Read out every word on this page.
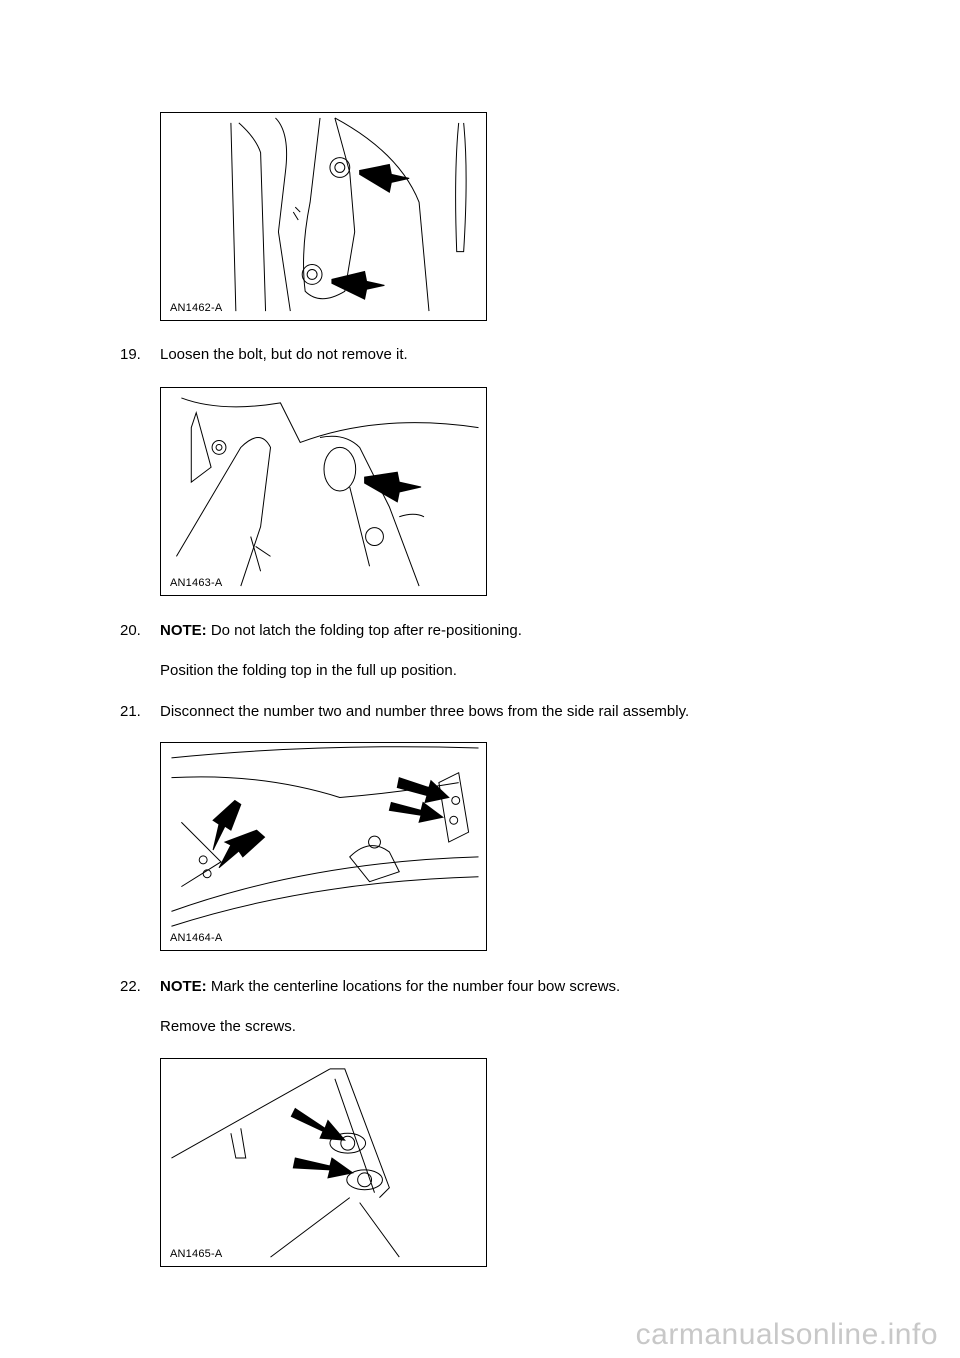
AN1462-A
19.	Loosen the bolt, but do not remove it.
AN1463-A
20.	NOTE: Do not latch the folding top after re-positioning.
Position the folding top in the full up position.
21.	Disconnect the number two and number three bows from the side rail assembly.
AN1464-A
22.	NOTE: Mark the centerline locations for the number four bow screws.
Remove the screws.
AN1465-A
carmanualsonline.info
